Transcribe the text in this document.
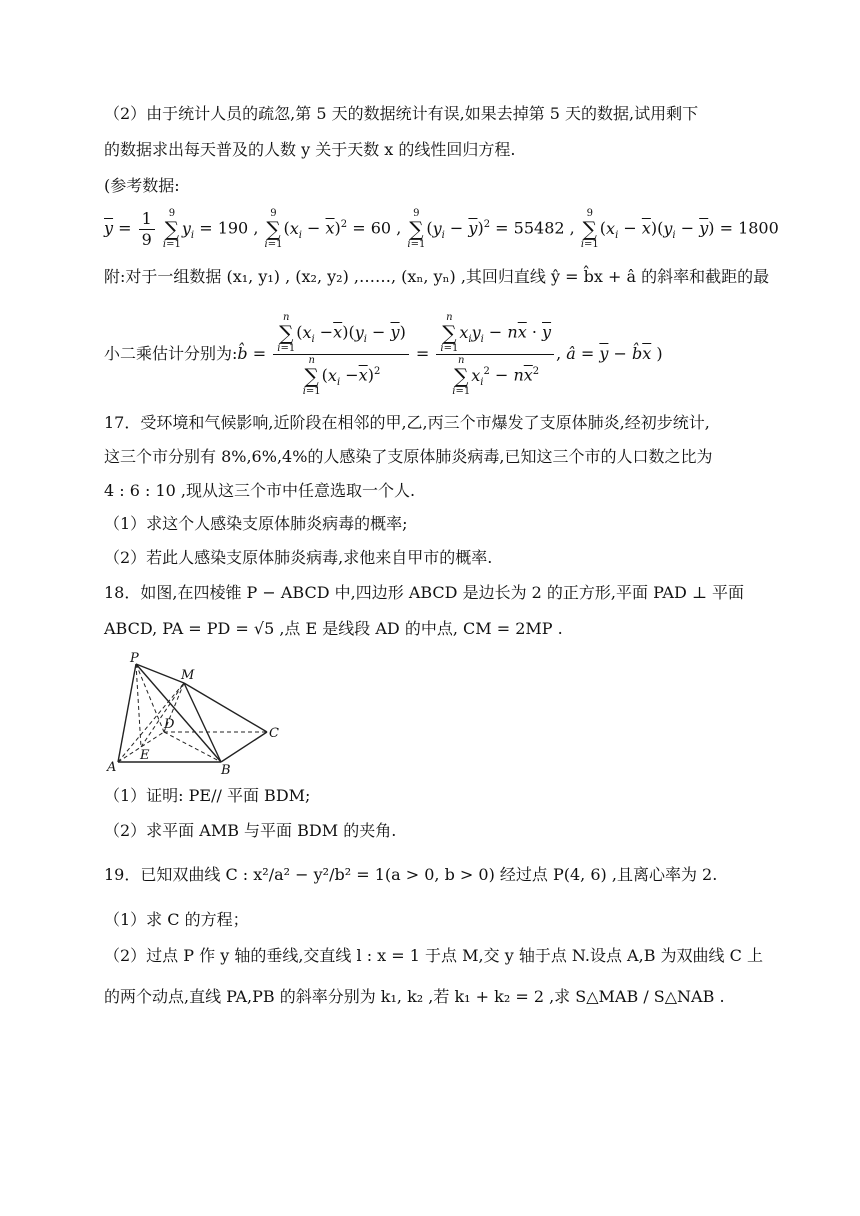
（2）由于统计人员的疏忽,第 5 天的数据统计有误,如果去掉第 5 天的数据,试用剩下
的数据求出每天普及的人数 y 关于天数 x 的线性回归方程.
(参考数据:
$\overline{y} = \frac{1}{9}$
9
∑
i=1
$y_i = 190$ ,
9
∑
i=1
$(x_i - \overline{x})^2 = 60$ ,
9
∑
i=1
$(y_i - \overline{y})^2 = 55482$ ,
9
∑
i=1
$(x_i - \overline{x})(y_i - \overline{y}) = 1800$
附:对于一组数据 (x₁, y₁) , (x₂, y₂) ,……, (xₙ, yₙ) ,其回归直线 ŷ = b̂x + â 的斜率和截距的最
小二乘估计分别为:b̂ = n
∑
i=1
$(x_i -\overline{x})(y_i - \overline{y})$
n
∑
i=1
$(x_i -\overline{x})^2 = n$
∑
i=1
$x_iy_i - n\overline{x} \cdot \overline{y}$
n
∑
i=1
$x_i^2 - n\overline{x}^2$ , â = $\overline{y}$ − $b̂\overline{x}$ )
17．受环境和气候影响,近阶段在相邻的甲,乙,丙三个市爆发了支原体肺炎,经初步统计,
这三个市分别有 8%,6%,4%的人感染了支原体肺炎病毒,已知这三个市的人口数之比为
4 : 6 : 10 ,现从这三个市中任意选取一个人.
（1）求这个人感染支原体肺炎病毒的概率;
（2）若此人感染支原体肺炎病毒,求他来自甲市的概率.
18．如图,在四棱锥 P − ABCD 中,四边形 ABCD 是边长为 2 的正方形,平面 PAD ⊥ 平面
ABCD, PA = PD = √5 ,点 E 是线段 AD 的中点, CM = 2MP .
P
M
D
C
E
A	B
（1）证明: PE// 平面 BDM;
（2）求平面 AMB 与平面 BDM 的夹角.
19．已知双曲线 C : x²/a² − y²/b² = 1(a > 0, b > 0) 经过点 P(4, 6) ,且离心率为 2.
（1）求 C 的方程；
（2）过点 P 作 y 轴的垂线,交直线 l : x = 1 于点 M,交 y 轴于点 N.设点 A,B 为双曲线 C 上
的两个动点,直线 PA,PB 的斜率分别为 k₁, k₂ ,若 k₁ + k₂ = 2 ,求 S△MAB / S△NAB .
